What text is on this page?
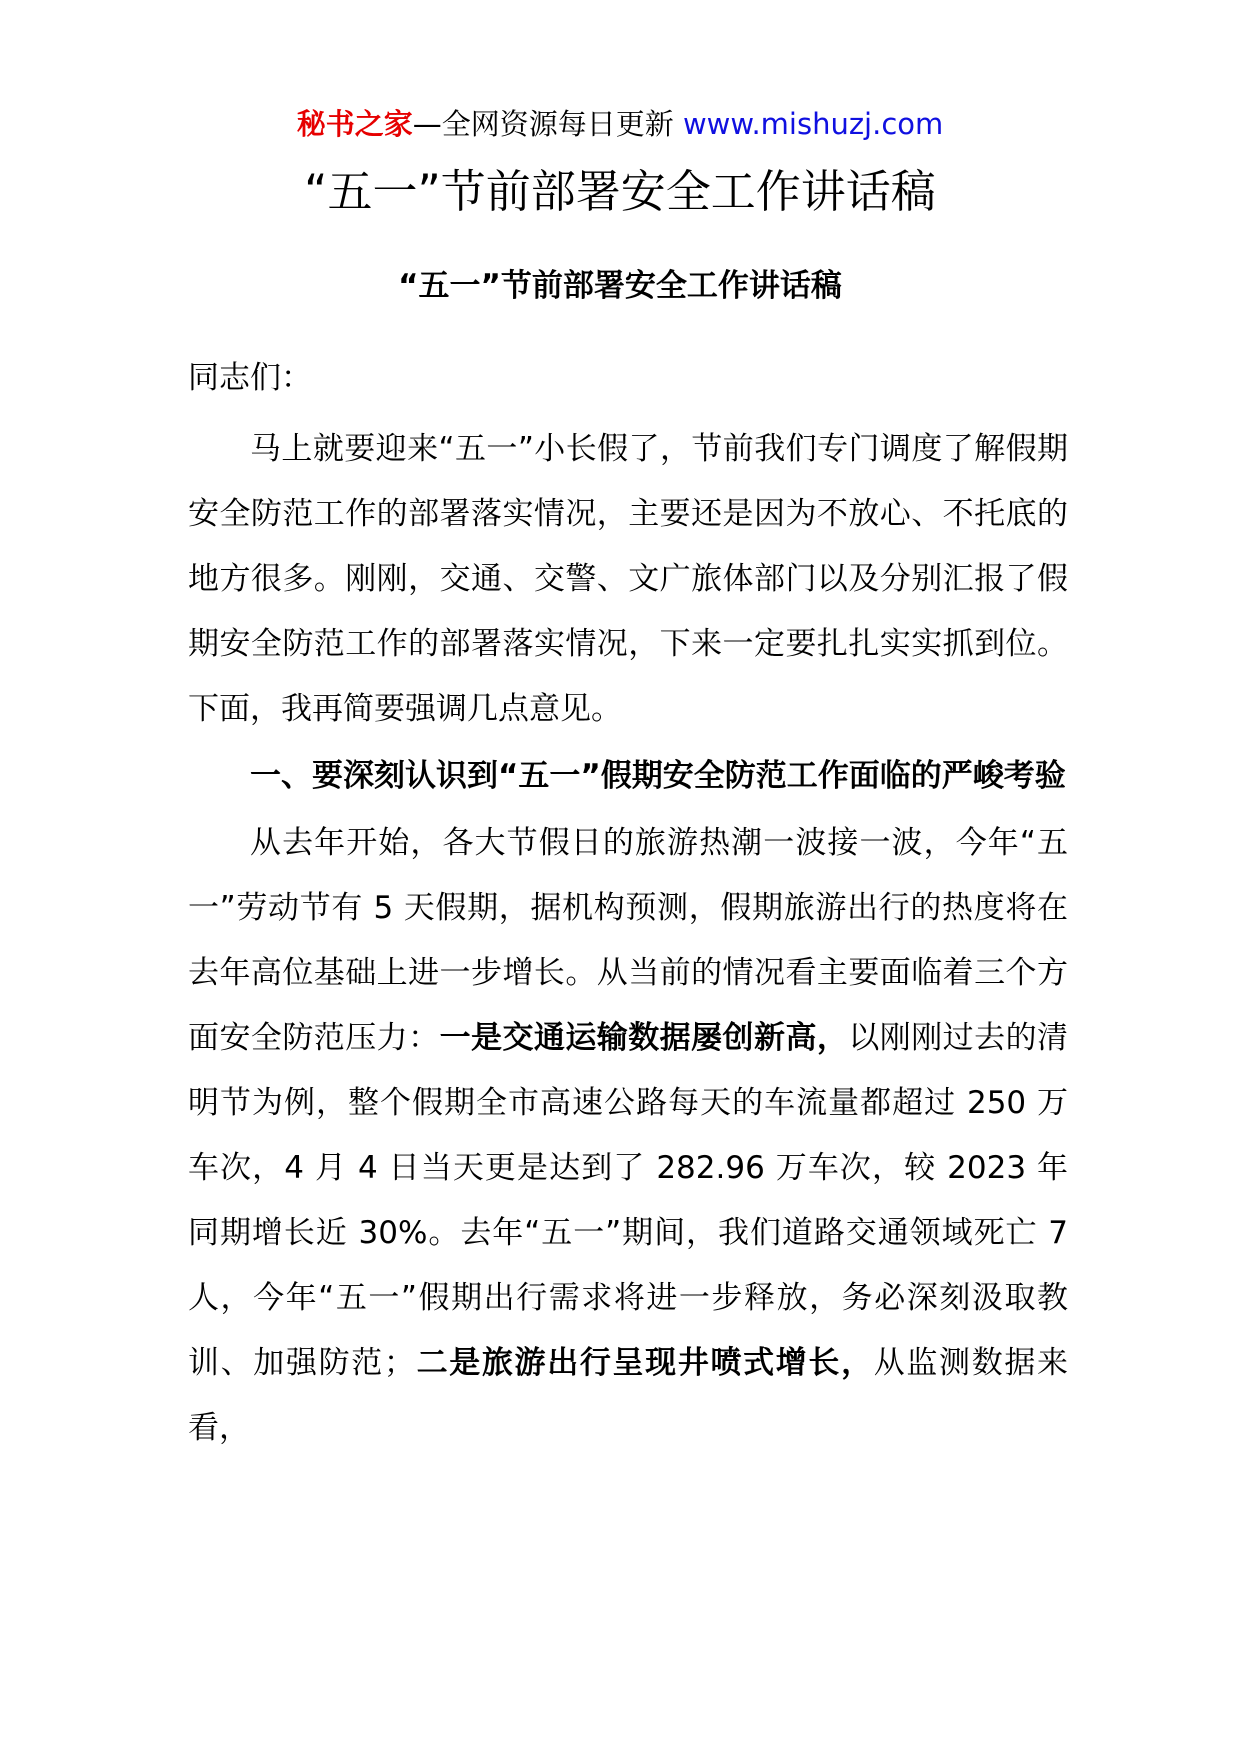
秘书之家—全网资源每日更新 www.mishuzj.com
“五一”节前部署安全工作讲话稿
“五一”节前部署安全工作讲话稿

同志们：

马上就要迎来“五一”小长假了，节前我们专门调度了解假期安全防范工作的部署落实情况，主要还是因为不放心、不托底的地方很多。刚刚，交通、交警、文广旅体部门以及分别汇报了假期安全防范工作的部署落实情况，下来一定要扎扎实实抓到位。下面，我再简要强调几点意见。

一、要深刻认识到“五一”假期安全防范工作面临的严峻考验

从去年开始，各大节假日的旅游热潮一波接一波，今年“五一”劳动节有 5 天假期，据机构预测，假期旅游出行的热度将在去年高位基础上进一步增长。从当前的情况看主要面临着三个方面安全防范压力：一是交通运输数据屡创新高，以刚刚过去的清明节为例，整个假期全市高速公路每天的车流量都超过 250 万车次，4 月 4 日当天更是达到了 282.96 万车次，较 2023 年同期增长近 30%。去年“五一”期间，我们道路交通领域死亡 7 人，今年“五一”假期出行需求将进一步释放，务必深刻汲取教训、加强防范；二是旅游出行呈现井喷式增长，从监测数据来看，
